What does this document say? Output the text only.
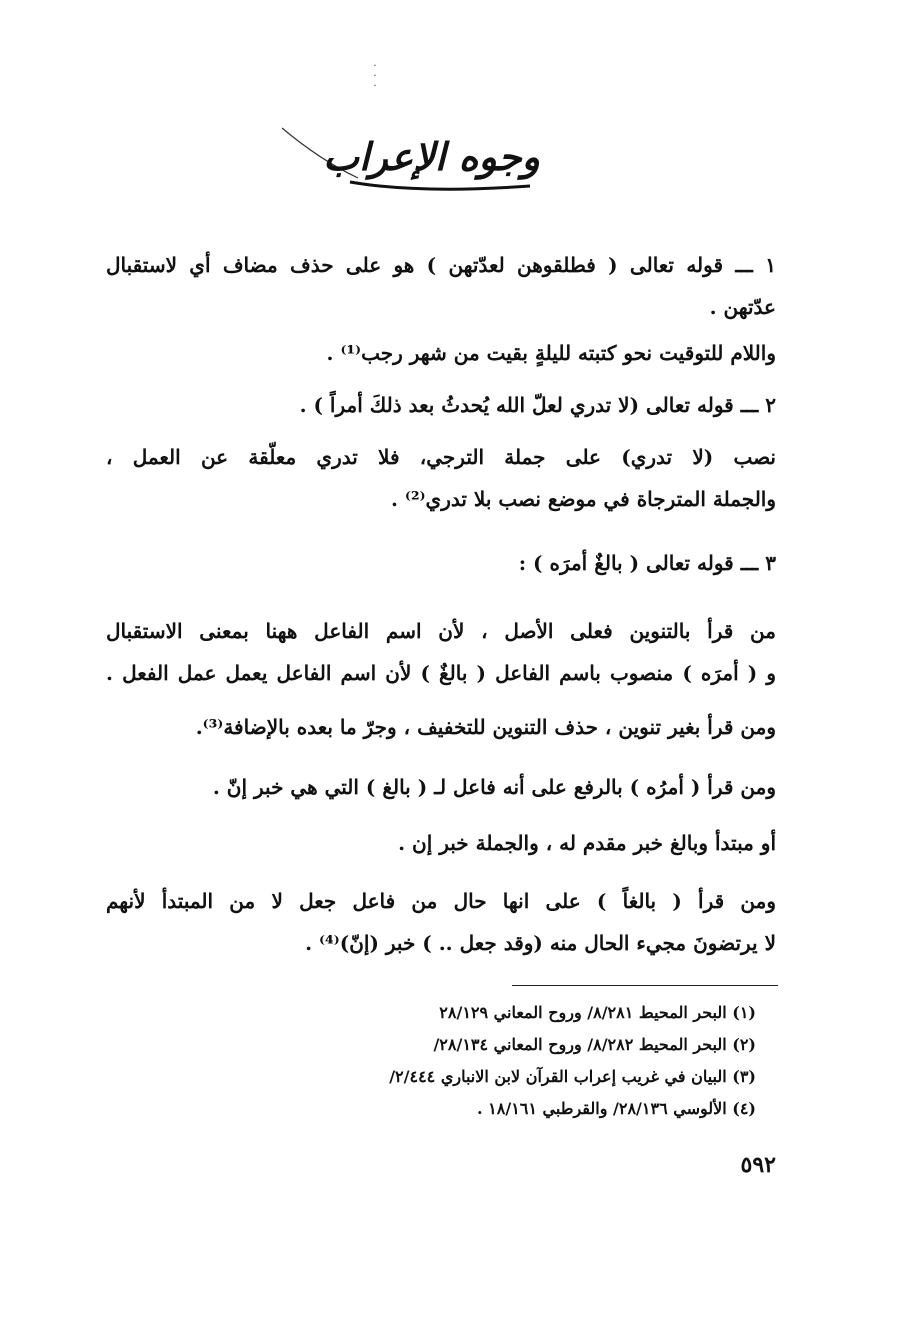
·
·
·
وجوه الإعراب

١ ـــ قوله تعالى ( فطلقوهن لعدّتهن ) هو على حذف مضاف أي لاستقبال

عدّتهن .

واللام للتوقيت نحو كتبته لليلةٍ بقيت من شهر رجب⁽¹⁾ .

٢ ـــ قوله تعالى (لا تدري لعلّ الله يُحدثُ بعد ذلكَ أمراً ) .

نصب (لا تدري) على جملة الترجي، فلا تدري معلّقة عن العمل ،

والجملة المترجاة في موضع نصب بلا تدري⁽²⁾ .

٣ ـــ قوله تعالى ( بالغٌ أمرَه ) :

من قرأ بالتنوين فعلى الأصل ، لأن اسم الفاعل ههنا بمعنى الاستقبال

و ( أمرَه ) منصوب باسم الفاعل ( بالغٌ ) لأن اسم الفاعل يعمل عمل الفعل .

ومن قرأ بغير تنوين ، حذف التنوين للتخفيف ، وجرّ ما بعده بالإضافة⁽³⁾.

ومن قرأ ( أمرُه ) بالرفع على أنه فاعل لـ ( بالغ ) التي هي خبر إنّ .

أو مبتدأ وبالغ خبر مقدم له ، والجملة خبر إن .

ومن قرأ ( بالغاً ) على انها حال من فاعل جعل لا من المبتدأ لأنهم

لا يرتضونَ مجيء الحال منه (وقد جعل .. ) خبر (إنّ)⁽⁴⁾ .

(١) البحر المحيط ٨/٢٨١/ وروح المعاني ٢٨/١٢٩

(٢) البحر المحيط ٨/٢٨٢/ وروح المعاني ٢٨/١٣٤/

(٣) البيان في غريب إعراب القرآن لابن الانباري ٢/٤٤٤/

(٤) الألوسي ٢٨/١٣٦/ والقرطبي ١٨/١٦١ .

٥٩٢
